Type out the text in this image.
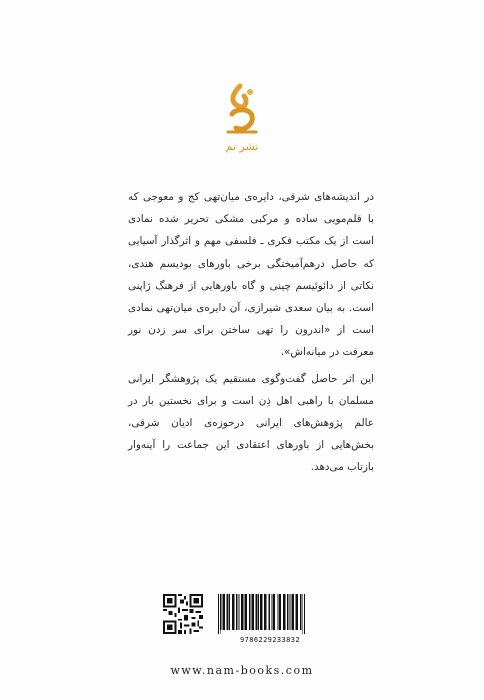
نشر نم

در اندیشه‌های شرقی، دایره‌ی میان‌تهی کج و معوجی که با قلم‌مویی ساده و مرکبی مشکی تحریر شده نمادی است از یک مکتب فکری ـ فلسفی مهم و اثرگذار آسیایی که حاصل درهم‌آمیختگی برخی باورهای بودیسم هندی، نکاتی از دائوئیسم چینی و گاه باورهایی از فرهنگ ژاپنی است. به بیان سعدی شیرازی، آن دایره‌ی میان‌تهی نمادی است از «اندرون را تهی ساختن برای سر زدن نور معرفت در میانه‌اش».

این اثر حاصل گفت‌وگوی مستقیم یک پژوهشگر ایرانی مسلمان با راهبی اهل ذِن است و برای نخستین بار در عالم پژوهش‌های ایرانی درحوزه‌ی ادیان شرقی، بخش‌هایی از باورهای اعتقادی این جماعت را آینه‌وار بازتاب می‌دهد.

9786229233832
www.nam-books.com
